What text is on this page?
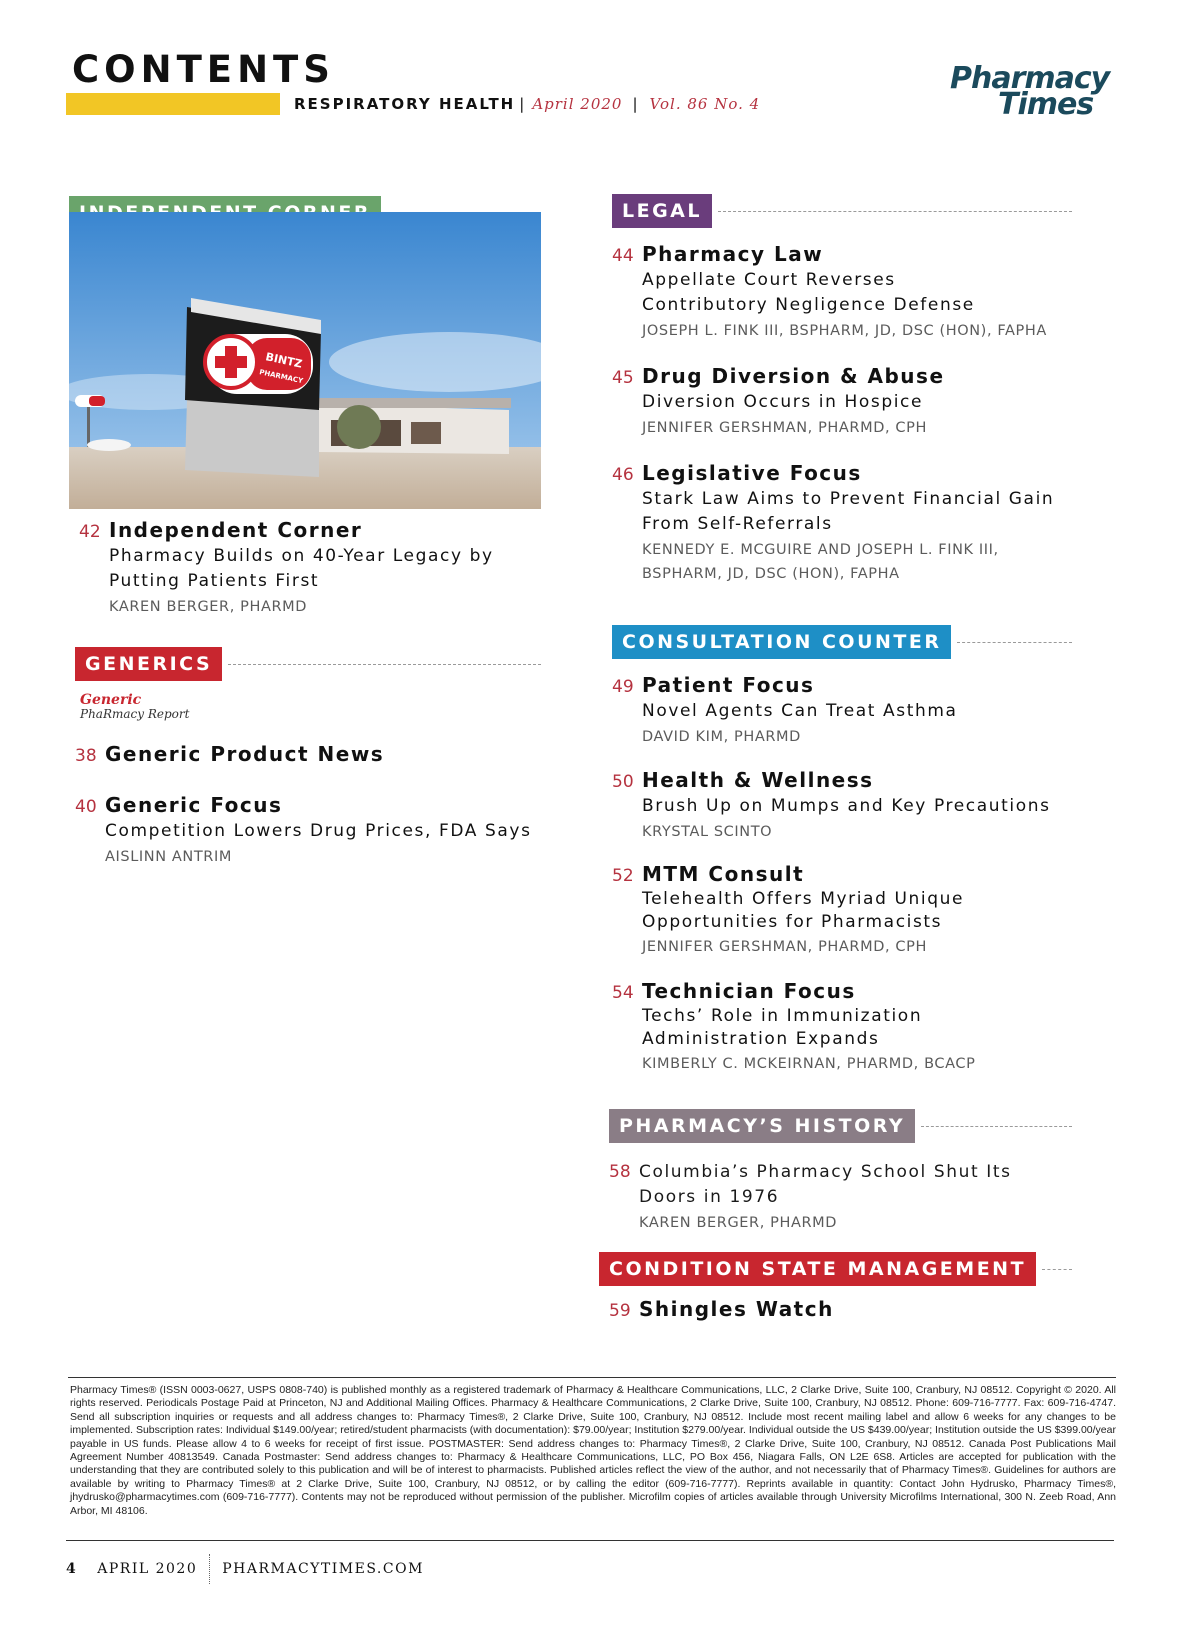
CONTENTS
RESPIRATORY HEALTH | April 2020 | Vol. 86 No. 4
Pharmacy
Times
BINTZ
PHARMACY
42 Independent Corner
Pharmacy Builds on 40-Year Legacy by Putting Patients First
KAREN BERGER, PHARMD
GENERICS
Generic
PhaRmacy Report
38 Generic Product News
40 Generic Focus
Competition Lowers Drug Prices, FDA Says
AISLINN ANTRIM
LEGAL
44 Pharmacy Law
Appellate Court Reverses Contributory Negligence Defense
JOSEPH L. FINK III, BSPHARM, JD, DSC (HON), FAPHA
45 Drug Diversion & Abuse
Diversion Occurs in Hospice
JENNIFER GERSHMAN, PHARMD, CPH
46 Legislative Focus
Stark Law Aims to Prevent Financial Gain From Self-Referrals
KENNEDY E. MCGUIRE AND JOSEPH L. FINK III, BSPHARM, JD, DSC (HON), FAPHA
CONSULTATION COUNTER
49 Patient Focus
Novel Agents Can Treat Asthma
DAVID KIM, PHARMD
50 Health & Wellness
Brush Up on Mumps and Key Precautions
KRYSTAL SCINTO
52 MTM Consult
Telehealth Offers Myriad Unique Opportunities for Pharmacists
JENNIFER GERSHMAN, PHARMD, CPH
54 Technician Focus
Techs’ Role in Immunization Administration Expands
KIMBERLY C. MCKEIRNAN, PHARMD, BCACP
PHARMACY’S HISTORY
58 Columbia’s Pharmacy School Shut Its Doors in 1976
KAREN BERGER, PHARMD
CONDITION STATE MANAGEMENT
59 Shingles Watch
Pharmacy Times® (ISSN 0003-0627, USPS 0808-740) is published monthly as a registered trademark of Pharmacy & Healthcare Communications, LLC, 2 Clarke Drive, Suite 100, Cranbury, NJ 08512. Copyright © 2020. All rights reserved. Periodicals Postage Paid at Princeton, NJ and Additional Mailing Offices. Pharmacy & Healthcare Communications, 2 Clarke Drive, Suite 100, Cranbury, NJ 08512. Phone: 609-716-7777. Fax: 609-716-4747. Send all subscription inquiries or requests and all address changes to: Pharmacy Times®, 2 Clarke Drive, Suite 100, Cranbury, NJ 08512. Include most recent mailing label and allow 6 weeks for any changes to be implemented. Subscription rates: Individual $149.00/year; retired/student pharmacists (with documentation): $79.00/year; Institution $279.00/year. Individual outside the US $439.00/year; Institution outside the US $399.00/year payable in US funds. Please allow 4 to 6 weeks for receipt of first issue. POSTMASTER: Send address changes to: Pharmacy Times®, 2 Clarke Drive, Suite 100, Cranbury, NJ 08512. Canada Post Publications Mail Agreement Number 40813549. Canada Postmaster: Send address changes to: Pharmacy & Healthcare Communications, LLC, PO Box 456, Niagara Falls, ON L2E 6S8. Articles are accepted for publication with the understanding that they are contributed solely to this publication and will be of interest to pharmacists. Published articles reflect the view of the author, and not necessarily that of Pharmacy Times®. Guidelines for authors are available by writing to Pharmacy Times® at 2 Clarke Drive, Suite 100, Cranbury, NJ 08512, or by calling the editor (609-716-7777). Reprints available in quantity: Contact John Hydrusko, Pharmacy Times®, jhydrusko@pharmacytimes.com (609-716-7777). Contents may not be reproduced without permission of the publisher. Microfilm copies of articles available through University Microfilms International, 300 N. Zeeb Road, Ann Arbor, MI 48106.
4 APRIL 2020 PHARMACYTIMES.COM
